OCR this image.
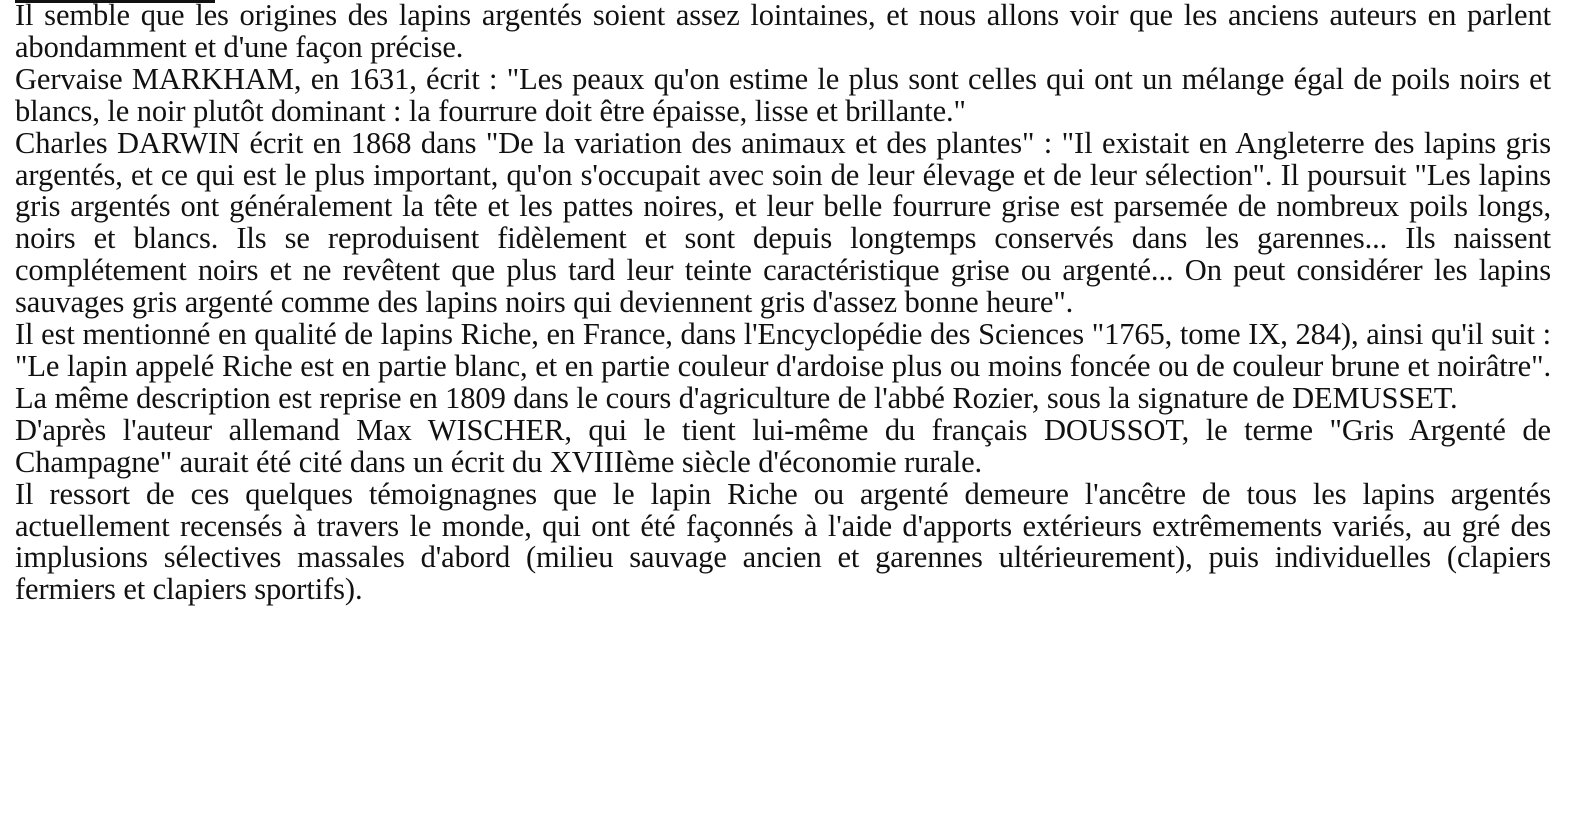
Il semble que les origines des lapins argentés soient assez lointaines, et nous allons voir que les anciens auteurs en parlent abondamment et d'une façon précise.

Gervaise MARKHAM, en 1631, écrit : "Les peaux qu'on estime le plus sont celles qui ont un mélange égal de poils noirs et blancs, le noir plutôt dominant : la fourrure doit être épaisse, lisse et brillante."

Charles DARWIN écrit en 1868 dans "De la variation des animaux et des plantes" : "Il existait en Angleterre des lapins gris argentés, et ce qui est le plus important, qu'on s'occupait avec soin de leur élevage et de leur sélection". Il poursuit "Les lapins gris argentés ont généralement la tête et les pattes noires, et leur belle fourrure grise est parsemée de nombreux poils longs, noirs et blancs. Ils se reproduisent fidèlement et sont depuis longtemps conservés dans les garennes... Ils naissent complétement noirs et ne revêtent que plus tard leur teinte caractéristique grise ou argenté... On peut considérer les lapins sauvages gris argenté comme des lapins noirs qui deviennent gris d'assez bonne heure".

Il est mentionné en qualité de lapins Riche, en France, dans l'Encyclopédie des Sciences "1765, tome IX, 284), ainsi qu'il suit : "Le lapin appelé Riche est en partie blanc, et en partie couleur d'ardoise plus ou moins foncée ou de couleur brune et noirâtre". La même description est reprise en 1809 dans le cours d'agriculture de l'abbé Rozier, sous la signature de DEMUSSET.

D'après l'auteur allemand Max WISCHER, qui le tient lui-même du français DOUSSOT, le terme "Gris Argenté de Champagne" aurait été cité dans un écrit du XVIIIème siècle d'économie rurale.

Il ressort de ces quelques témoignagnes que le lapin Riche ou argenté demeure l'ancêtre de tous les lapins argentés actuellement recensés à travers le monde, qui ont été façonnés à l'aide d'apports extérieurs extrêmements variés, au gré des implusions sélectives massales d'abord (milieu sauvage ancien et garennes ultérieurement), puis individuelles (clapiers fermiers et clapiers sportifs).
